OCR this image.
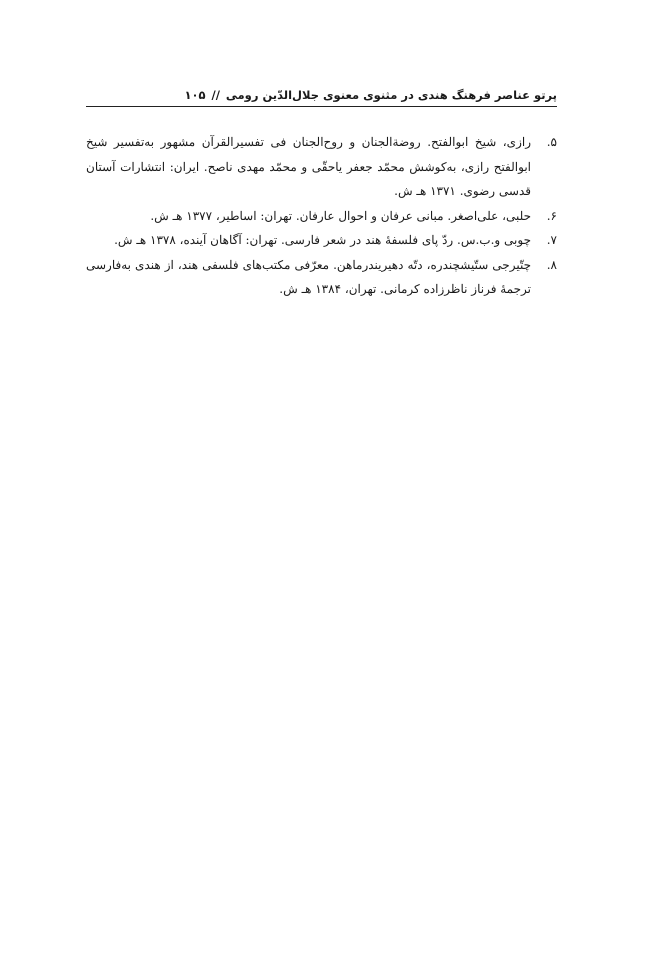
پرتو عناصر فرهنگ هندی در مثنوی معنوی جلال‌الدّین رومی
//
۱۰۵
۵.
رازی، شیخ ابوالفتح. روضة‌الجنان و روح‌الجنان فی تفسیرالقرآن مشهور به‌تفسیر شیخ ابوالفتح رازی، به‌کوشش محمّد جعفر یاحقّی و محمّد مهدی ناصح. ایران: انتشارات آستان قدسی رضوی. ۱۳۷۱ هـ ش.
۶.
حلبی، علی‌اصغر. مبانی عرفان و احوال عارفان. تهران: اساطیر، ۱۳۷۷ هـ ش.
۷.
چوبی و.ب.س. ردّ پای فلسفهٔ هند در شعر فارسی. تهران: آگاهان آینده، ۱۳۷۸ هـ ش.
۸.
چتّیرجی ستّیشچندره، دتّه دهیریندرماهن. معرّفی مکتب‌های فلسفی هند، از هندی به‌فارسی ترجمهٔ فرناز ناظرزاده کرمانی. تهران، ۱۳۸۴ هـ ش.
